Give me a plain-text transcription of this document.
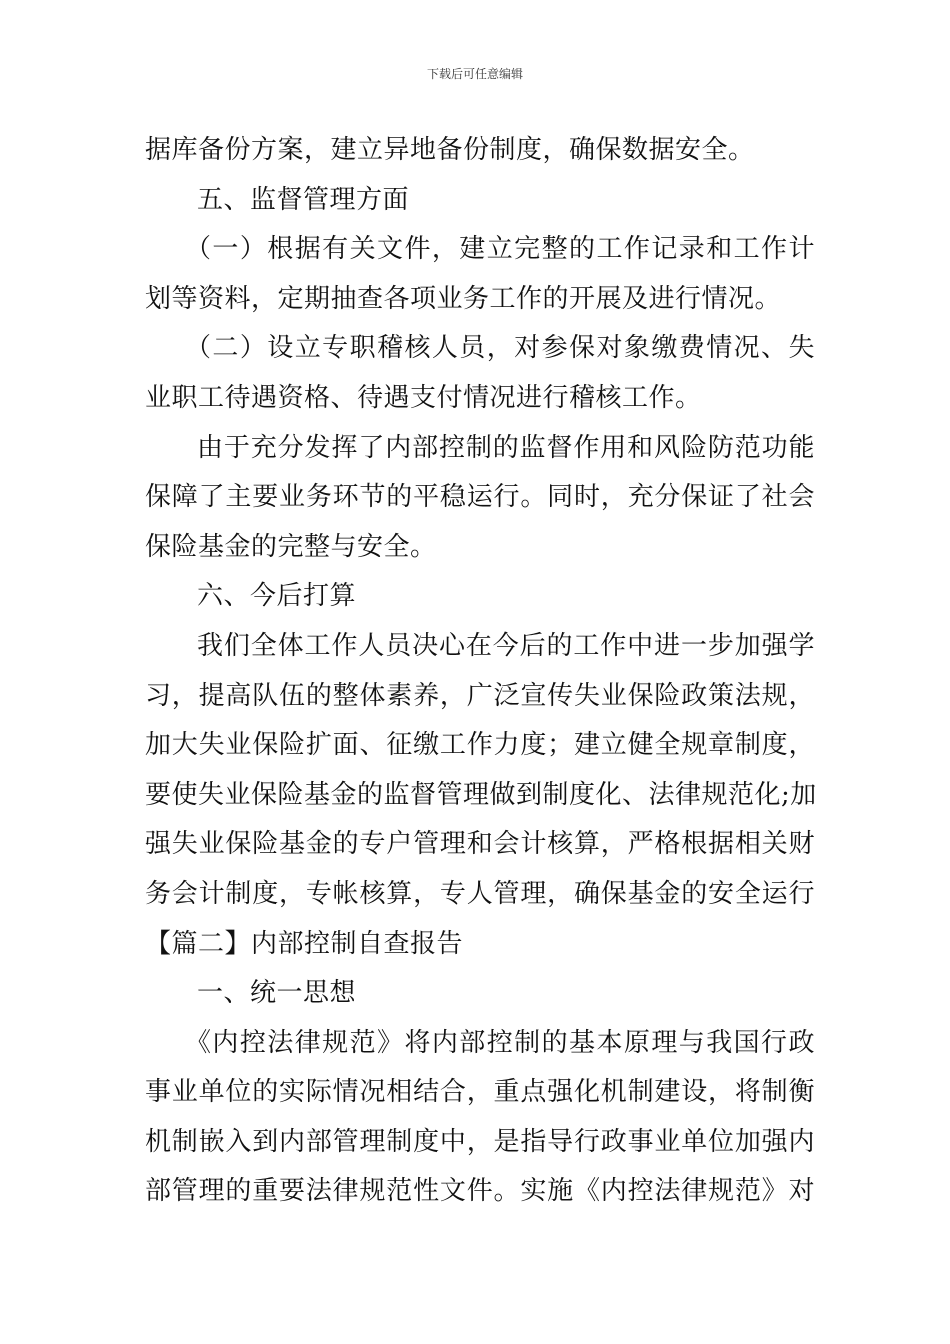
下载后可任意编辑
据库备份方案，建立异地备份制度，确保数据安全。
五、监督管理方面
（一）根据有关文件，建立完整的工作记录和工作计
划等资料，定期抽查各项业务工作的开展及进行情况。
（二）设立专职稽核人员，对参保对象缴费情况、失
业职工待遇资格、待遇支付情况进行稽核工作。
由于充分发挥了内部控制的监督作用和风险防范功能
保障了主要业务环节的平稳运行。同时，充分保证了社会
保险基金的完整与安全。
六、今后打算
我们全体工作人员决心在今后的工作中进一步加强学
习，提高队伍的整体素养，广泛宣传失业保险政策法规，
加大失业保险扩面、征缴工作力度；建立健全规章制度，
要使失业保险基金的监督管理做到制度化、法律规范化;加
强失业保险基金的专户管理和会计核算，严格根据相关财
务会计制度，专帐核算，专人管理，确保基金的安全运行
【篇二】内部控制自查报告
一、统一思想
《内控法律规范》将内部控制的基本原理与我国行政
事业单位的实际情况相结合，重点强化机制建设，将制衡
机制嵌入到内部管理制度中，是指导行政事业单位加强内
部管理的重要法律规范性文件。实施《内控法律规范》对
